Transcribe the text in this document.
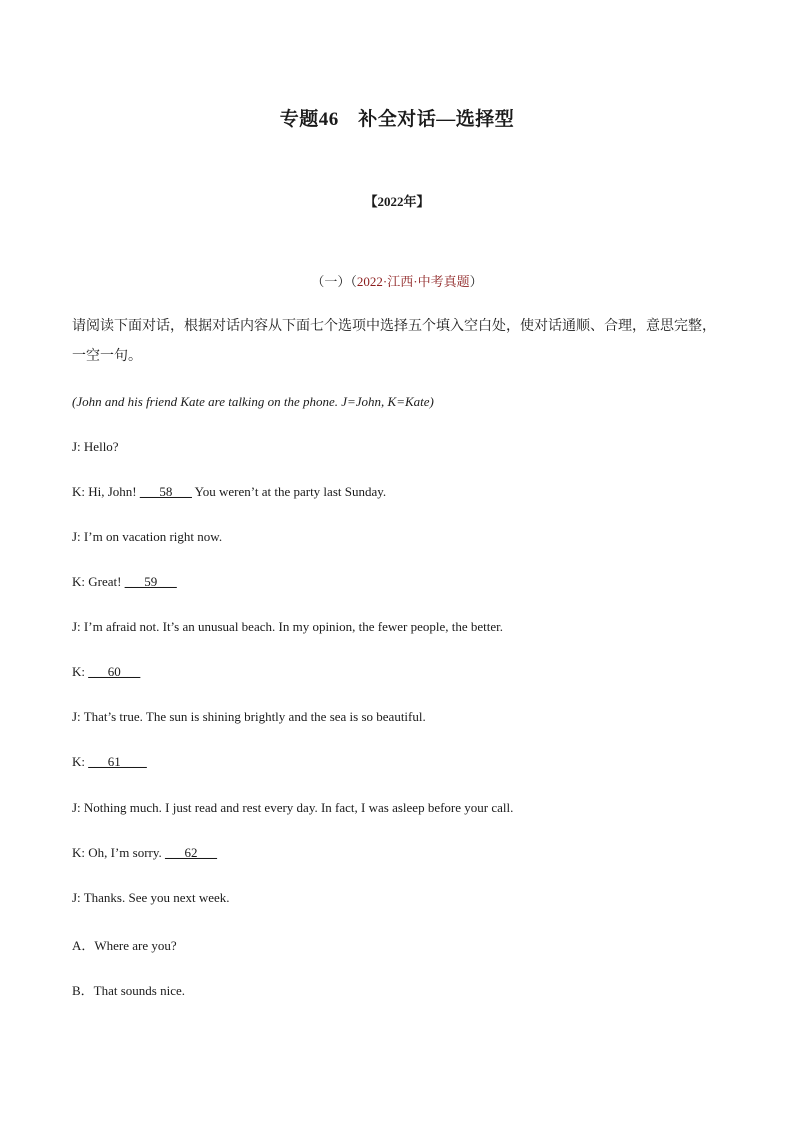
专题46　补全对话—选择型
【2022年】
（一）（2022·江西·中考真题）
请阅读下面对话，根据对话内容从下面七个选项中选择五个填入空白处，使对话通顺、合理，意思完整，一空一句。
(John and his friend Kate are talking on the phone. J=John, K=Kate)
J: Hello?
K: Hi, John! ___58___ You weren’t at the party last Sunday.
J: I’m on vacation right now.
K: Great! ___59___
J: I’m afraid not. It’s an unusual beach. In my opinion, the fewer people, the better.
K: ___60___
J: That’s true. The sun is shining brightly and the sea is so beautiful.
K: ___61____
J: Nothing much. I just read and rest every day. In fact, I was asleep before your call.
K: Oh, I’m sorry. ___62___
J: Thanks. See you next week.
A．Where are you?
B．That sounds nice.
